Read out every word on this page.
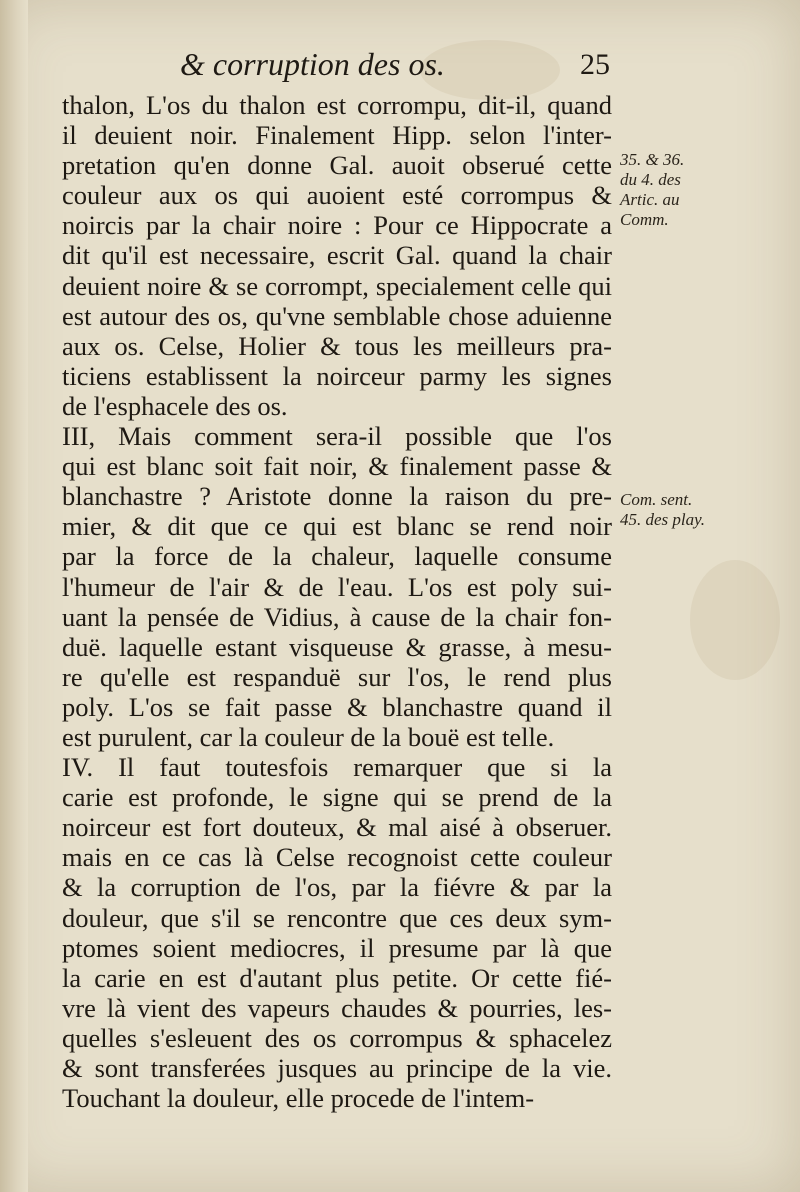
& corruption des os.	25
thalon, L'os du thalon est corrompu, dit-il, quand
il deuient noir. Finalement Hipp. selon l'inter-
pretation qu'en donne Gal. auoit obserué cette
couleur aux os qui auoient esté corrompus &
noircis par la chair noire : Pour ce Hippocrate a
dit qu'il est necessaire, escrit Gal. quand la chair
deuient noire & se corrompt, specialement celle qui
est autour des os, qu'vne semblable chose aduienne
aux os. Celse, Holier & tous les meilleurs pra-
ticiens establissent la noirceur parmy les signes
de l'esphacele des os.
III, Mais comment sera-il possible que l'os
qui est blanc soit fait noir, & finalement passe &
blanchastre ? Aristote donne la raison du pre-
mier, & dit que ce qui est blanc se rend noir
par la force de la chaleur, laquelle consume
l'humeur de l'air & de l'eau. L'os est poly sui-
uant la pensée de Vidius, à cause de la chair fon-
duë. laquelle estant visqueuse & grasse, à mesu-
re qu'elle est respanduë sur l'os, le rend plus
poly. L'os se fait passe & blanchastre quand il
est purulent, car la couleur de la bouë est telle.
IV. Il faut toutesfois remarquer que si la
carie est profonde, le signe qui se prend de la
noirceur est fort douteux, & mal aisé à obseruer.
mais en ce cas là Celse recognoist cette couleur
& la corruption de l'os, par la fiévre & par la
douleur, que s'il se rencontre que ces deux sym-
ptomes soient mediocres, il presume par là que
la carie en est d'autant plus petite. Or cette fié-
vre là vient des vapeurs chaudes & pourries, les-
quelles s'esleuent des os corrompus & sphacelez
& sont transferées jusques au principe de la vie.
Touchant la douleur, elle procede de l'intem-
35. & 36.
du 4. des
Artic. au
Comm.
Com. sent.
45. des play.
